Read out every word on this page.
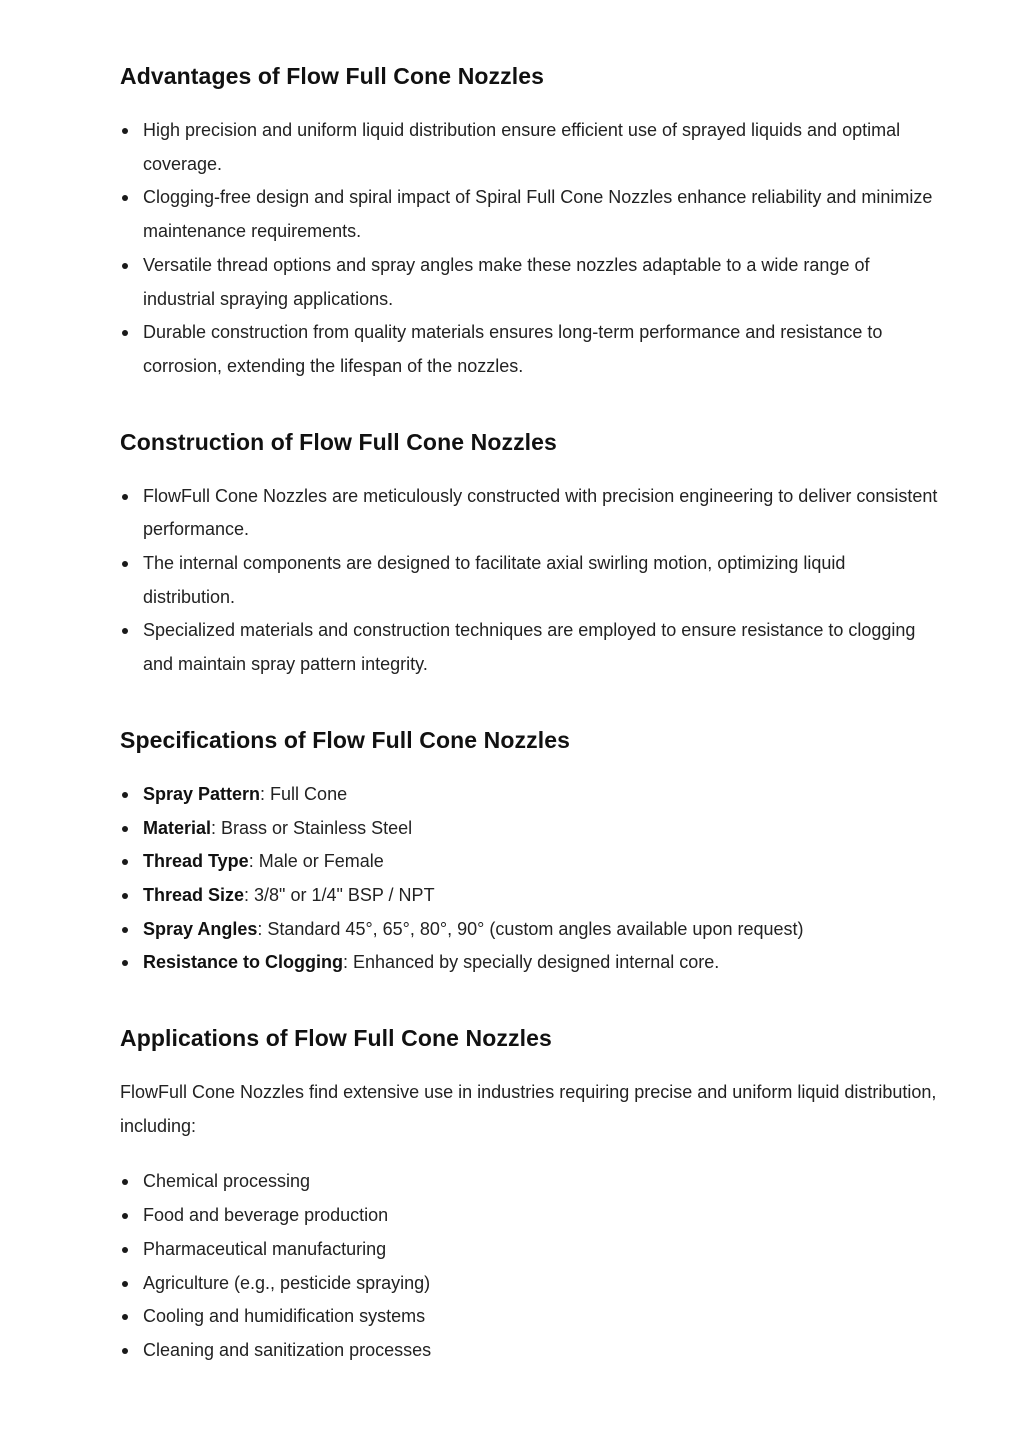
Advantages of Flow Full Cone Nozzles
High precision and uniform liquid distribution ensure efficient use of sprayed liquids and optimal coverage.
Clogging-free design and spiral impact of Spiral Full Cone Nozzles enhance reliability and minimize maintenance requirements.
Versatile thread options and spray angles make these nozzles adaptable to a wide range of industrial spraying applications.
Durable construction from quality materials ensures long-term performance and resistance to corrosion, extending the lifespan of the nozzles.
Construction of Flow Full Cone Nozzles
FlowFull Cone Nozzles are meticulously constructed with precision engineering to deliver consistent performance.
The internal components are designed to facilitate axial swirling motion, optimizing liquid distribution.
Specialized materials and construction techniques are employed to ensure resistance to clogging and maintain spray pattern integrity.
Specifications of Flow Full Cone Nozzles
Spray Pattern: Full Cone
Material: Brass or Stainless Steel
Thread Type: Male or Female
Thread Size: 3/8" or 1/4" BSP / NPT
Spray Angles: Standard 45°, 65°, 80°, 90° (custom angles available upon request)
Resistance to Clogging: Enhanced by specially designed internal core.
Applications of Flow Full Cone Nozzles

FlowFull Cone Nozzles find extensive use in industries requiring precise and uniform liquid distribution, including:

Chemical processing
Food and beverage production
Pharmaceutical manufacturing
Agriculture (e.g., pesticide spraying)
Cooling and humidification systems
Cleaning and sanitization processes
